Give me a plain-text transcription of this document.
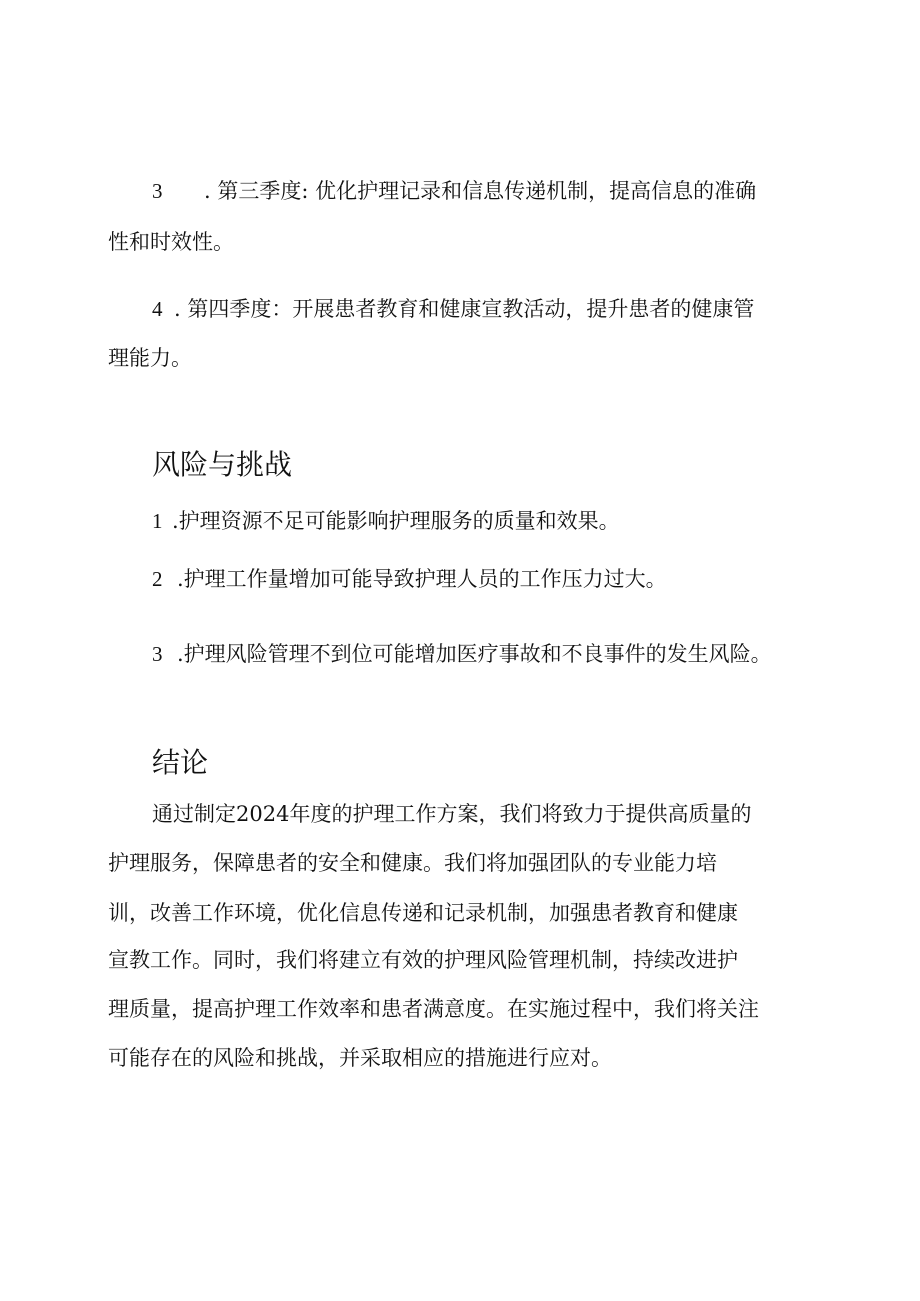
3 . 第三季度: 优化护理记录和信息传递机制，提高信息的准确
性和时效性。
4 . 第四季度：开展患者教育和健康宣教活动，提升患者的健康管
理能力。
风险与挑战
1 .护理资源不足可能影响护理服务的质量和效果。
2 .护理工作量增加可能导致护理人员的工作压力过大。
3 .护理风险管理不到位可能增加医疗事故和不良事件的发生风险。
结论
通过制定2024年度的护理工作方案，我们将致力于提供高质量的
护理服务，保障患者的安全和健康。我们将加强团队的专业能力培
训，改善工作环境，优化信息传递和记录机制，加强患者教育和健康
宣教工作。同时，我们将建立有效的护理风险管理机制，持续改进护
理质量，提高护理工作效率和患者满意度。在实施过程中，我们将关注
可能存在的风险和挑战，并采取相应的措施进行应对。
